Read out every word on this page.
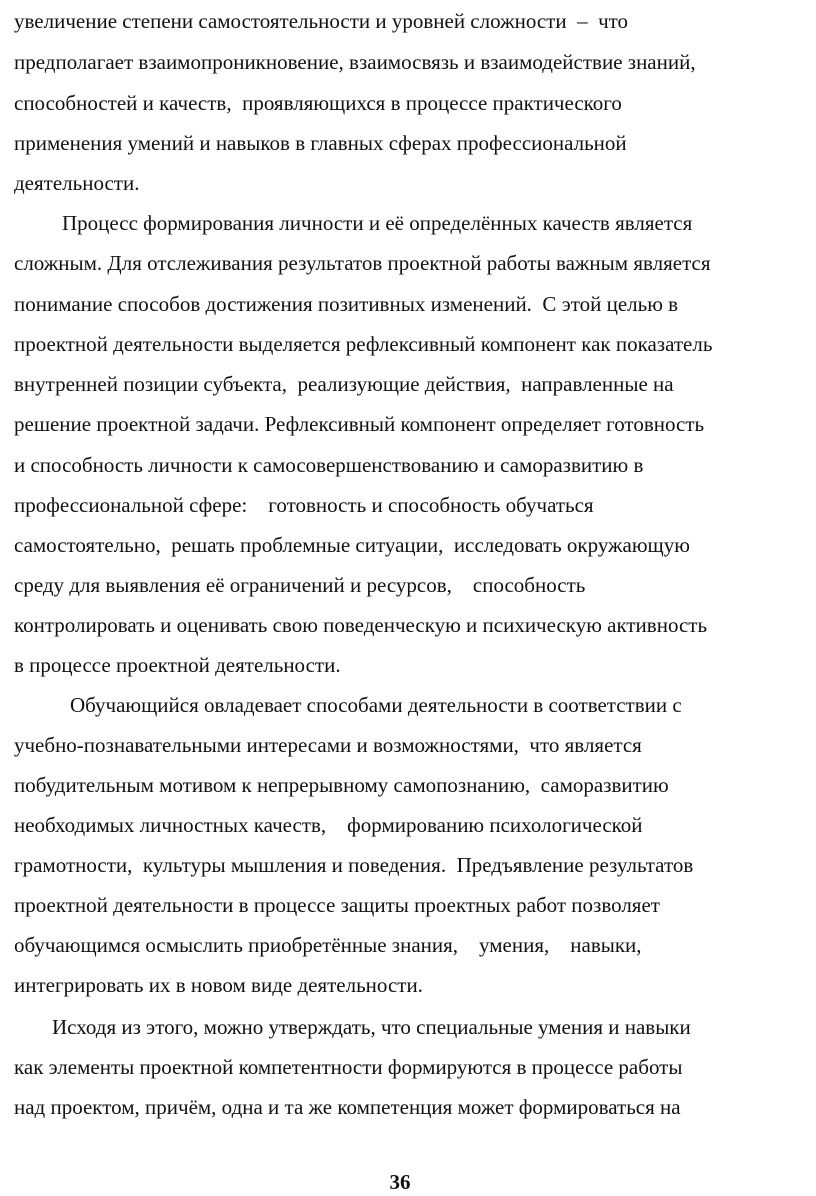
увеличение степени самостоятельности и уровней сложности  –  что
предполагает взаимопроникновение, взаимосвязь и взаимодействие знаний,
способностей и качеств,  проявляющихся в процессе практического
применения умений и навыков в главных сферах профессиональной
деятельности.
Процесс формирования личности и её определённых качеств является
сложным. Для отслеживания результатов проектной работы важным является
понимание способов достижения позитивных изменений.  С этой целью в
проектной деятельности выделяется рефлексивный компонент как показатель
внутренней позиции субъекта,  реализующие действия,  направленные на
решение проектной задачи. Рефлексивный компонент определяет готовность
и способность личности к самосовершенствованию и саморазвитию в
профессиональной сфере:    готовность и способность обучаться
самостоятельно,  решать проблемные ситуации,  исследовать окружающую
среду для выявления её ограничений и ресурсов,    способность
контролировать и оценивать свою поведенческую и психическую активность
в процессе проектной деятельности.
Обучающийся овладевает способами деятельности в соответствии с
учебно-познавательными интересами и возможностями,  что является
побудительным мотивом к непрерывному самопознанию,  саморазвитию
необходимых личностных качеств,    формированию психологической
грамотности,  культуры мышления и поведения.  Предъявление результатов
проектной деятельности в процессе защиты проектных работ позволяет
обучающимся осмыслить приобретённые знания,    умения,    навыки,
интегрировать их в новом виде деятельности.
Исходя из этого, можно утверждать, что специальные умения и навыки
как элементы проектной компетентности формируются в процессе работы
над проектом, причём, одна и та же компетенция может формироваться на
36
